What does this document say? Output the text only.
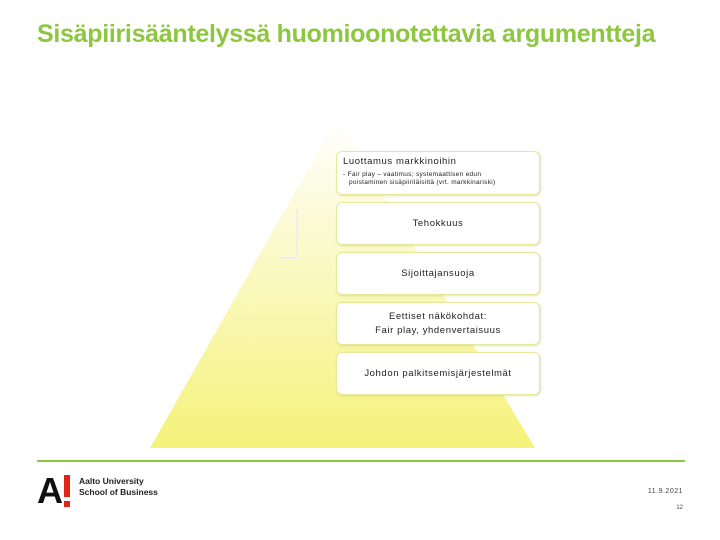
Sisäpiirisääntelyssä huomioonotettavia argumentteja
Luottamus markkinoihin
- Fair play – vaatimus; systemaattisen edun
poistaminen sisäpiiriläisiltä (vrt. markkinariski)
Tehokkuus
Sijoittajansuoja
Eettiset näkökohdat:
Fair play, yhdenvertaisuus
Johdon palkitsemisjärjestelmät
A Aalto University
School of Business	11.9.2021
12
